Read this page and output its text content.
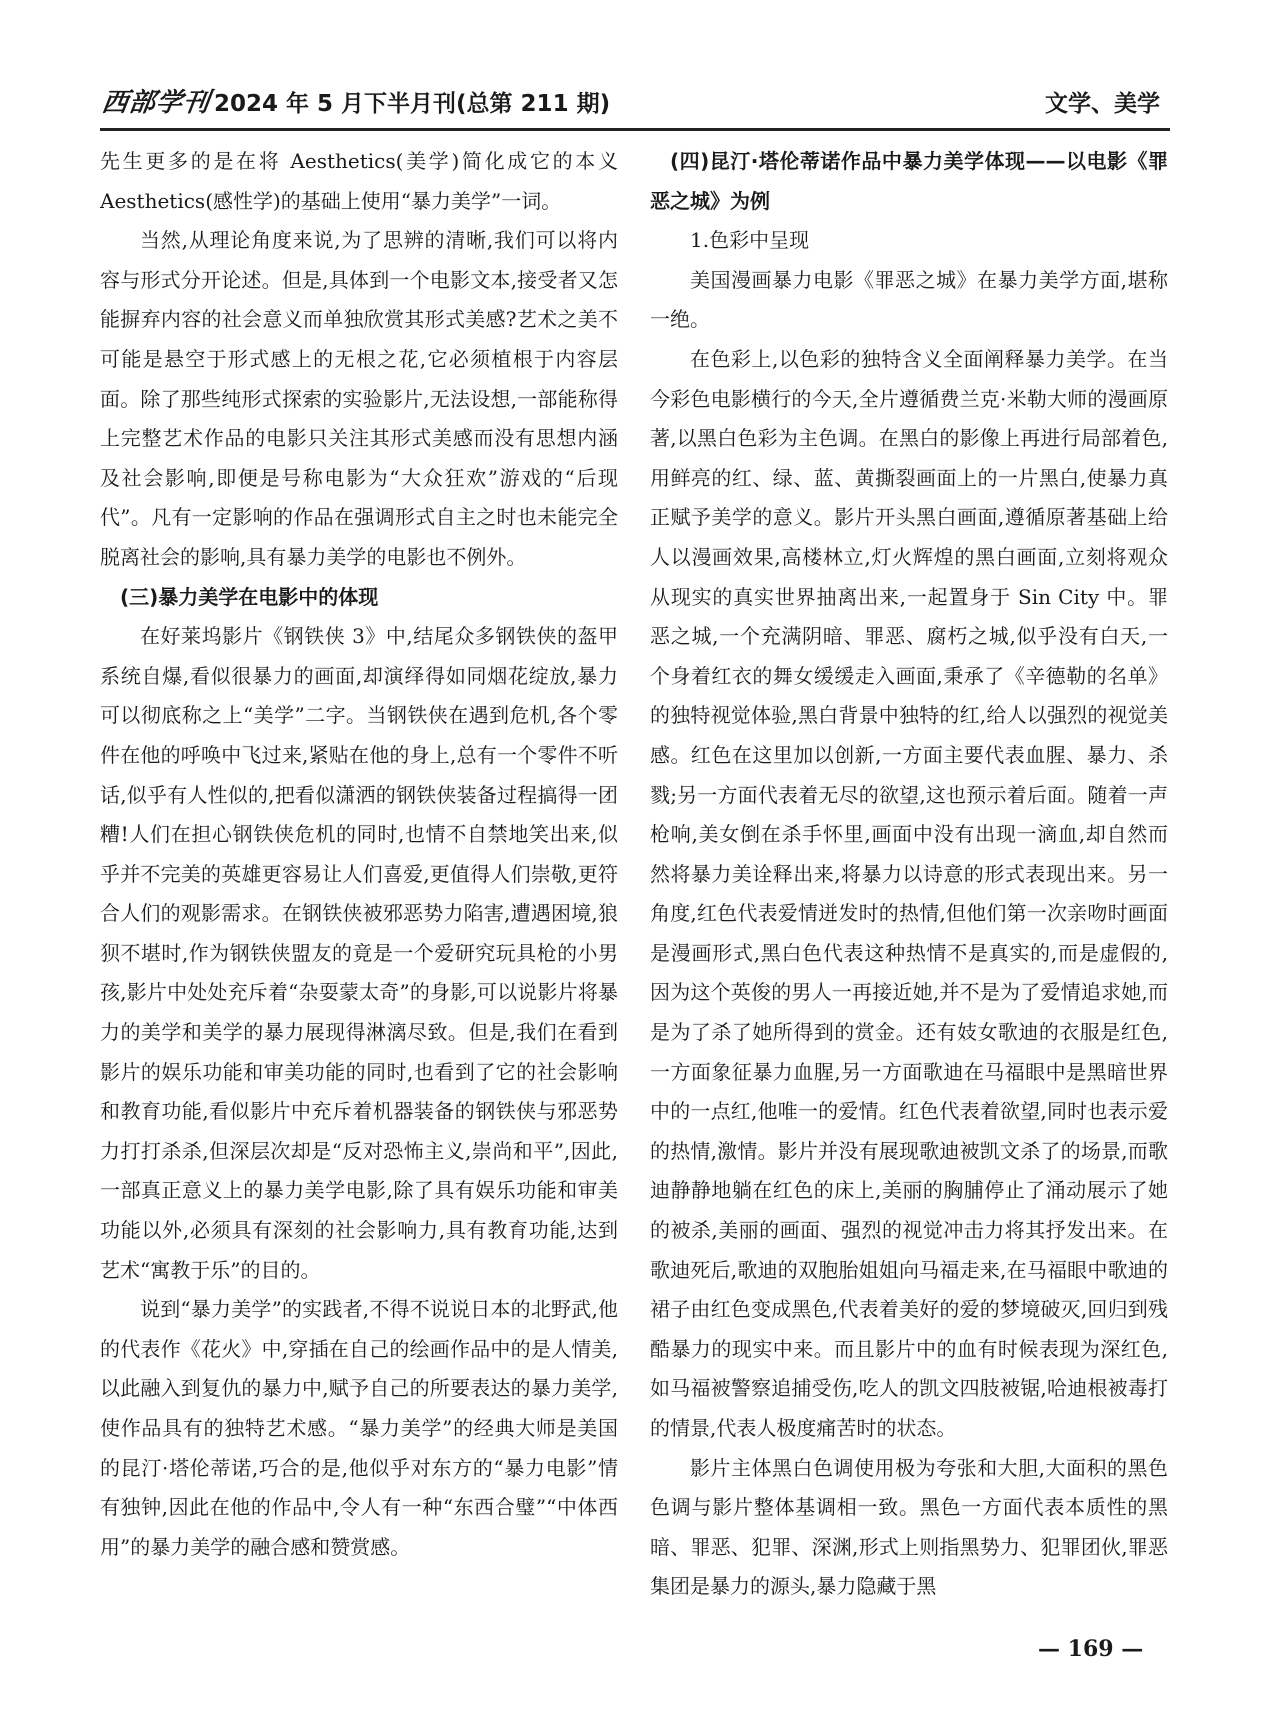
西部学刊 2024 年 5 月下半月刊(总第 211 期)	文学、美学

先生更多的是在将 Aesthetics(美学)简化成它的本义 Aesthetics(感性学)的基础上使用“暴力美学”一词。

当然,从理论角度来说,为了思辨的清晰,我们可以将内容与形式分开论述。但是,具体到一个电影文本,接受者又怎能摒弃内容的社会意义而单独欣赏其形式美感?艺术之美不可能是悬空于形式感上的无根之花,它必须植根于内容层面。除了那些纯形式探索的实验影片,无法设想,一部能称得上完整艺术作品的电影只关注其形式美感而没有思想内涵及社会影响,即便是号称电影为“大众狂欢”游戏的“后现代”。凡有一定影响的作品在强调形式自主之时也未能完全脱离社会的影响,具有暴力美学的电影也不例外。

(三)暴力美学在电影中的体现

在好莱坞影片《钢铁侠 3》中,结尾众多钢铁侠的盔甲系统自爆,看似很暴力的画面,却演绎得如同烟花绽放,暴力可以彻底称之上“美学”二字。当钢铁侠在遇到危机,各个零件在他的呼唤中飞过来,紧贴在他的身上,总有一个零件不听话,似乎有人性似的,把看似潇洒的钢铁侠装备过程搞得一团糟!人们在担心钢铁侠危机的同时,也情不自禁地笑出来,似乎并不完美的英雄更容易让人们喜爱,更值得人们崇敬,更符合人们的观影需求。在钢铁侠被邪恶势力陷害,遭遇困境,狼狈不堪时,作为钢铁侠盟友的竟是一个爱研究玩具枪的小男孩,影片中处处充斥着“杂耍蒙太奇”的身影,可以说影片将暴力的美学和美学的暴力展现得淋漓尽致。但是,我们在看到影片的娱乐功能和审美功能的同时,也看到了它的社会影响和教育功能,看似影片中充斥着机器装备的钢铁侠与邪恶势力打打杀杀,但深层次却是“反对恐怖主义,崇尚和平”,因此,一部真正意义上的暴力美学电影,除了具有娱乐功能和审美功能以外,必须具有深刻的社会影响力,具有教育功能,达到艺术“寓教于乐”的目的。

说到“暴力美学”的实践者,不得不说说日本的北野武,他的代表作《花火》中,穿插在自己的绘画作品中的是人情美,以此融入到复仇的暴力中,赋予自己的所要表达的暴力美学,使作品具有的独特艺术感。“暴力美学”的经典大师是美国的昆汀·塔伦蒂诺,巧合的是,他似乎对东方的“暴力电影”情有独钟,因此在他的作品中,令人有一种“东西合璧”“中体西用”的暴力美学的融合感和赞赏感。

(四)昆汀·塔伦蒂诺作品中暴力美学体现——以电影《罪恶之城》为例
1.色彩中呈现

美国漫画暴力电影《罪恶之城》在暴力美学方面,堪称一绝。

在色彩上,以色彩的独特含义全面阐释暴力美学。在当今彩色电影横行的今天,全片遵循费兰克·米勒大师的漫画原著,以黑白色彩为主色调。在黑白的影像上再进行局部着色,用鲜亮的红、绿、蓝、黄撕裂画面上的一片黑白,使暴力真正赋予美学的意义。影片开头黑白画面,遵循原著基础上给人以漫画效果,高楼林立,灯火辉煌的黑白画面,立刻将观众从现实的真实世界抽离出来,一起置身于 Sin City 中。罪恶之城,一个充满阴暗、罪恶、腐朽之城,似乎没有白天,一个身着红衣的舞女缓缓走入画面,秉承了《辛德勒的名单》的独特视觉体验,黑白背景中独特的红,给人以强烈的视觉美感。红色在这里加以创新,一方面主要代表血腥、暴力、杀戮;另一方面代表着无尽的欲望,这也预示着后面。随着一声枪响,美女倒在杀手怀里,画面中没有出现一滴血,却自然而然将暴力美诠释出来,将暴力以诗意的形式表现出来。另一角度,红色代表爱情迸发时的热情,但他们第一次亲吻时画面是漫画形式,黑白色代表这种热情不是真实的,而是虚假的,因为这个英俊的男人一再接近她,并不是为了爱情追求她,而是为了杀了她所得到的赏金。还有妓女歌迪的衣服是红色,一方面象征暴力血腥,另一方面歌迪在马福眼中是黑暗世界中的一点红,他唯一的爱情。红色代表着欲望,同时也表示爱的热情,激情。影片并没有展现歌迪被凯文杀了的场景,而歌迪静静地躺在红色的床上,美丽的胸脯停止了涌动展示了她的被杀,美丽的画面、强烈的视觉冲击力将其抒发出来。在歌迪死后,歌迪的双胞胎姐姐向马福走来,在马福眼中歌迪的裙子由红色变成黑色,代表着美好的爱的梦境破灭,回归到残酷暴力的现实中来。而且影片中的血有时候表现为深红色,如马福被警察追捕受伤,吃人的凯文四肢被锯,哈迪根被毒打的情景,代表人极度痛苦时的状态。

影片主体黑白色调使用极为夸张和大胆,大面积的黑色色调与影片整体基调相一致。黑色一方面代表本质性的黑暗、罪恶、犯罪、深渊,形式上则指黑势力、犯罪团伙,罪恶集团是暴力的源头,暴力隐藏于黑

— 169 —
